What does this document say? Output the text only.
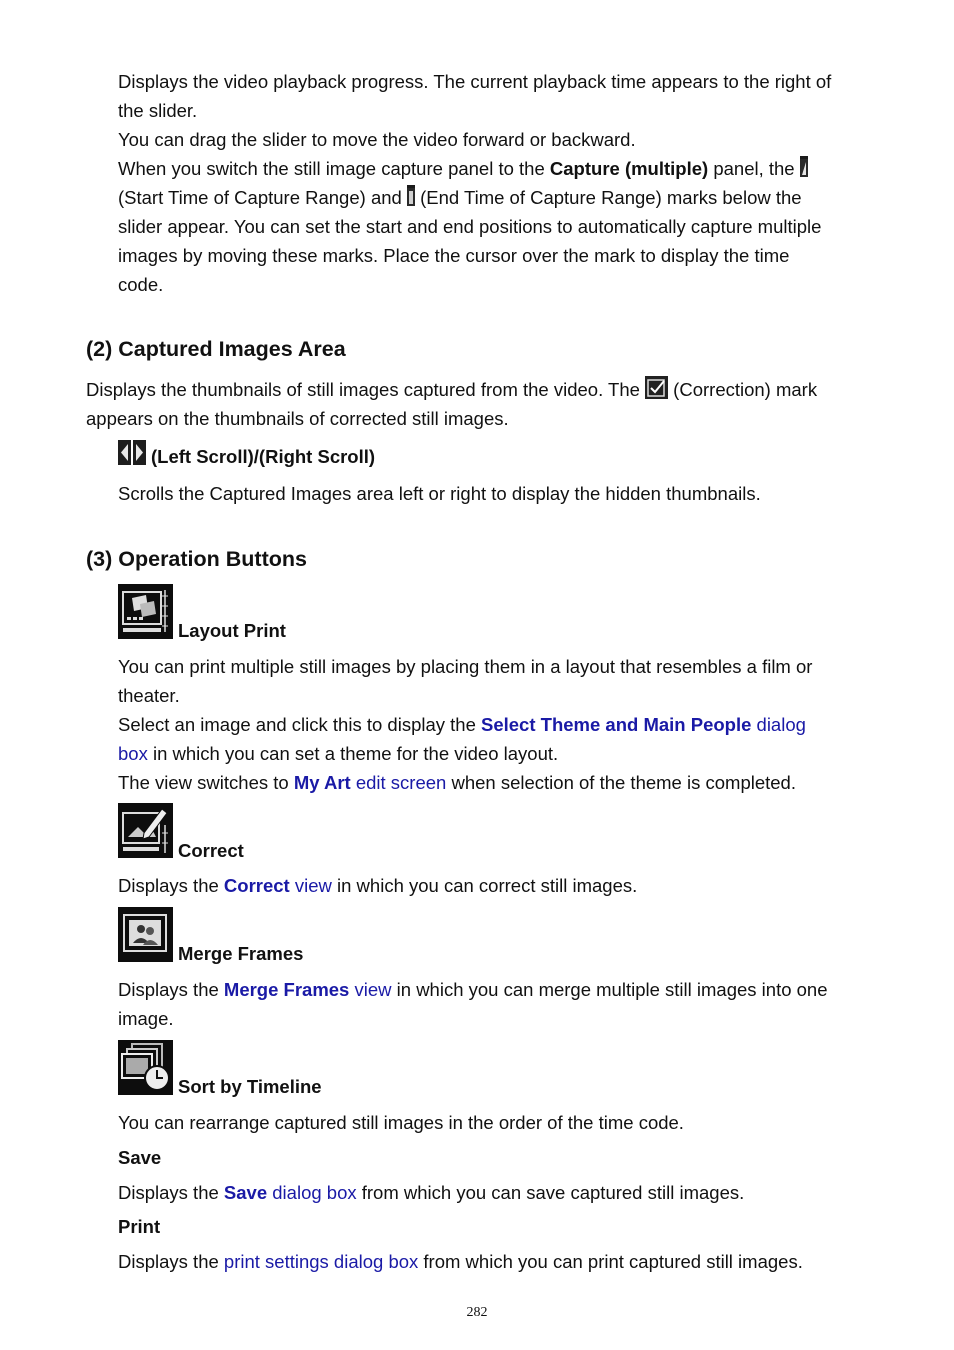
Displays the video playback progress. The current playback time appears to the right of
the slider.
You can drag the slider to move the video forward or backward.
When you switch the still image capture panel to the Capture (multiple) panel, the
(Start Time of Capture Range) and  (End Time of Capture Range) marks below the
slider appear. You can set the start and end positions to automatically capture multiple
images by moving these marks. Place the cursor over the mark to display the time
code.
(2) Captured Images Area
Displays the thumbnails of still images captured from the video. The  (Correction) mark
appears on the thumbnails of corrected still images.
(Left Scroll)/(Right Scroll)
Scrolls the Captured Images area left or right to display the hidden thumbnails.
(3) Operation Buttons
Layout Print
You can print multiple still images by placing them in a layout that resembles a film or
theater.
Select an image and click this to display the Select Theme and Main People dialog
box in which you can set a theme for the video layout.
The view switches to My Art edit screen when selection of the theme is completed.
Correct
Displays the Correct view in which you can correct still images.
Merge Frames
Displays the Merge Frames view in which you can merge multiple still images into one
image.
Sort by Timeline
You can rearrange captured still images in the order of the time code.
Save
Displays the Save dialog box from which you can save captured still images.
Print
Displays the print settings dialog box from which you can print captured still images.
282
